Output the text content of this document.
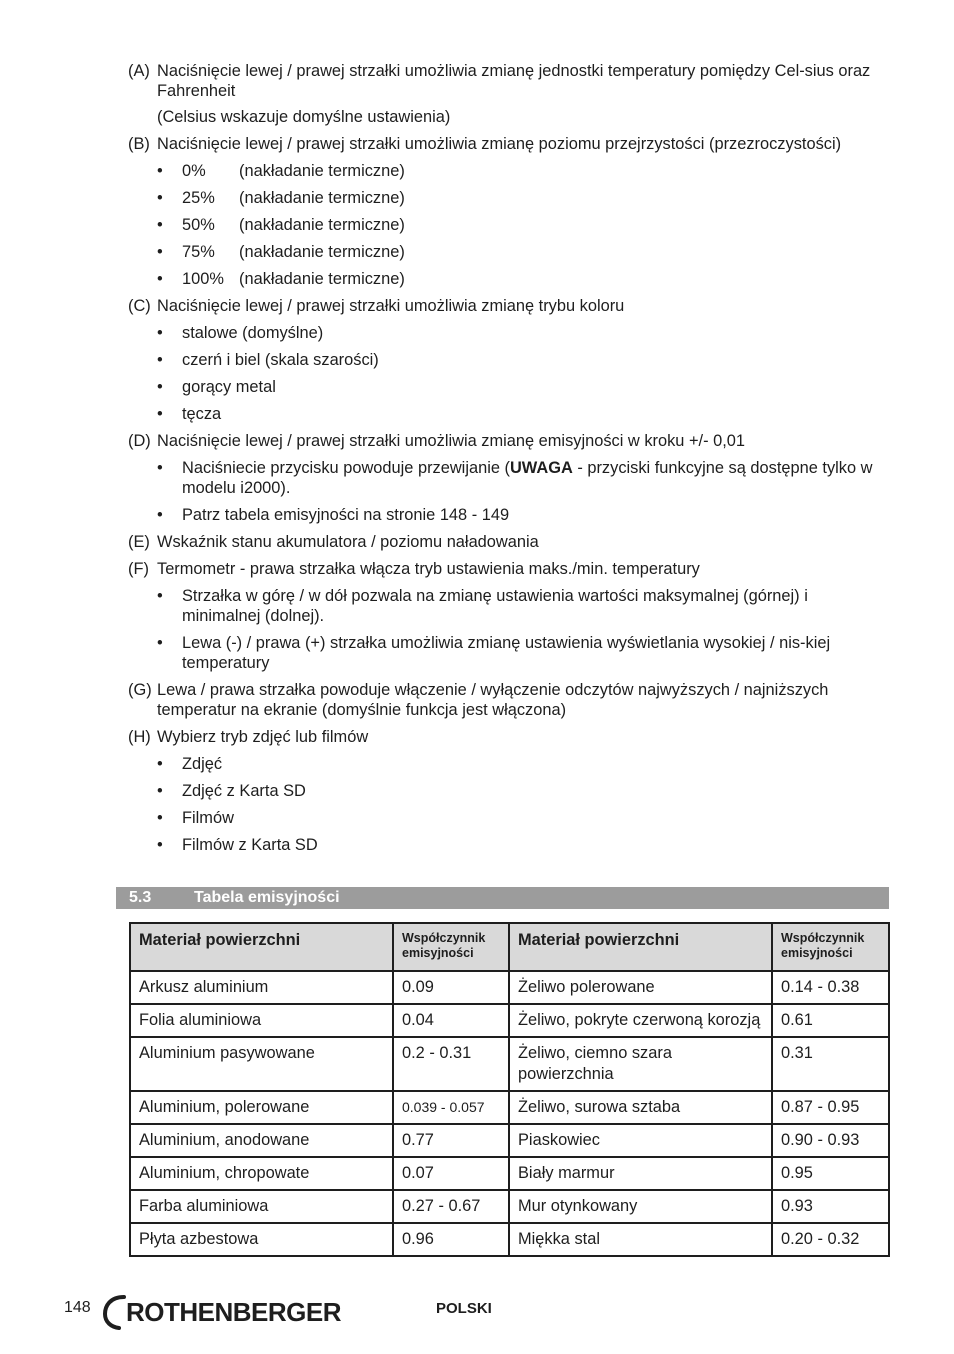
(A) Naciśnięcie lewej / prawej strzałki umożliwia zmianę jednostki temperatury pomiędzy Cel-sius oraz Fahrenheit
(Celsius wskazuje domyślne ustawienia)
(B) Naciśnięcie lewej / prawej strzałki umożliwia zmianę poziomu przejrzystości (przezroczystości)
• 0% (nakładanie termiczne)
• 25% (nakładanie termiczne)
• 50% (nakładanie termiczne)
• 75% (nakładanie termiczne)
• 100% (nakładanie termiczne)
(C) Naciśnięcie lewej / prawej strzałki umożliwia zmianę trybu koloru
• stalowe (domyślne)
• czerń i biel (skala szarości)
• gorący metal
• tęcza
(D) Naciśnięcie lewej / prawej strzałki umożliwia zmianę emisyjności w kroku +/- 0,01
• Naciśniecie przycisku powoduje przewijanie (UWAGA - przyciski funkcyjne są dostępne tylko w modelu i2000).
• Patrz tabela emisyjności na stronie 148 - 149
(E) Wskaźnik stanu akumulatora / poziomu naładowania
(F) Termometr - prawa strzałka włącza tryb ustawienia maks./min. temperatury
• Strzałka w górę / w dół pozwala na zmianę ustawienia wartości maksymalnej (górnej) i minimalnej (dolnej).
• Lewa (-) / prawa (+) strzałka umożliwia zmianę ustawienia wyświetlania wysokiej / nis-kiej temperatury
(G) Lewa / prawa strzałka powoduje włączenie / wyłączenie odczytów najwyższych / najniższych temperatur na ekranie (domyślnie funkcja jest włączona)
(H) Wybierz tryb zdjęć lub filmów
• Zdjęć
• Zdjęć z Karta SD
• Filmów
• Filmów z Karta SD
5.3	Tabela emisyjności
Materiał powierzchni	Współczynnik emisyjności	Materiał powierzchni	Współczynnik emisyjności
Arkusz aluminium	0.09	Żeliwo polerowane	0.14 - 0.38
Folia aluminiowa	0.04	Żeliwo, pokryte czerwoną korozją	0.61
Aluminium pasywowane	0.2 - 0.31	Żeliwo, ciemno szara powierzchnia	0.31
Aluminium, polerowane	0.039 - 0.057	Żeliwo, surowa sztaba	0.87 - 0.95
Aluminium, anodowane	0.77	Piaskowiec	0.90 - 0.93
Aluminium, chropowate	0.07	Biały marmur	0.95
Farba aluminiowa	0.27 - 0.67	Mur otynkowany	0.93
Płyta azbestowa	0.96	Miękka stal	0.20 - 0.32
148 ROTHENBERGER	POLSKI
